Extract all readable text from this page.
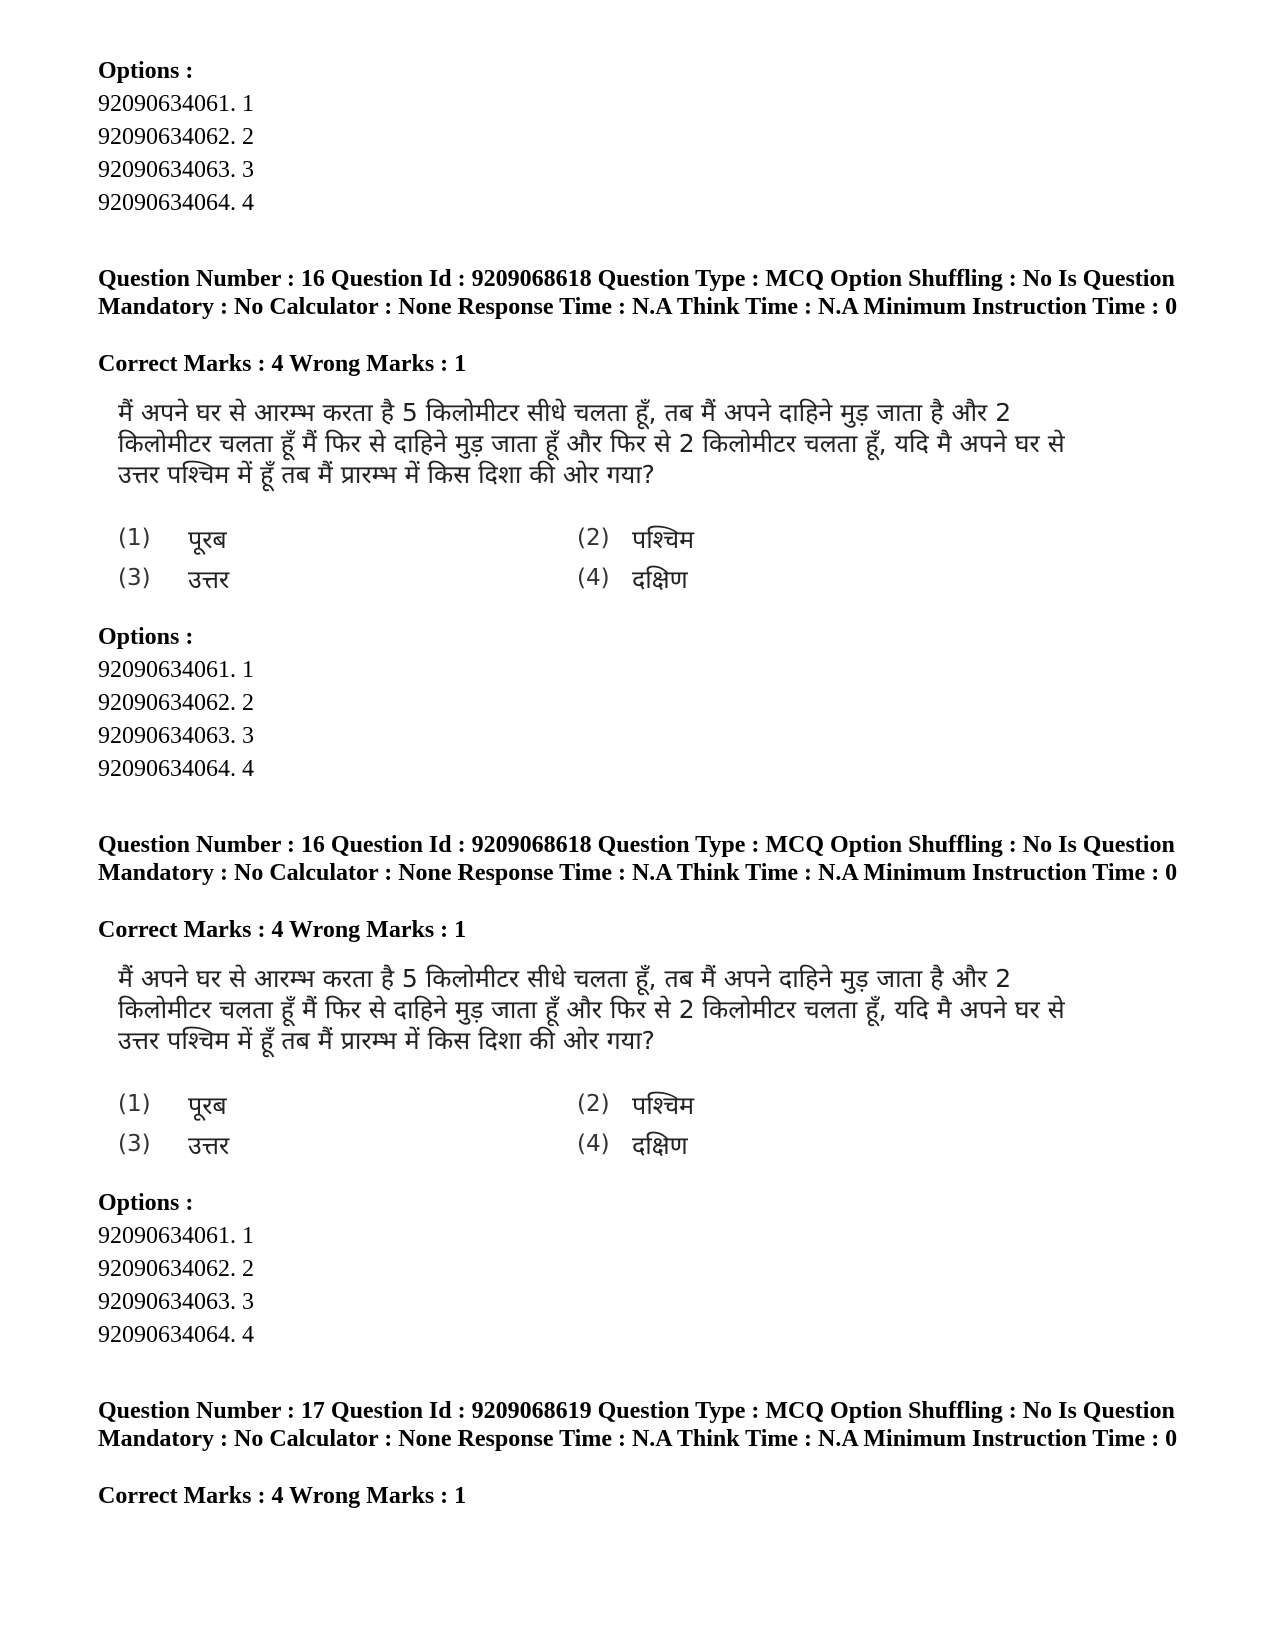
Options :
92090634061. 1
92090634062. 2
92090634063. 3
92090634064. 4
Question Number : 16 Question Id : 9209068618 Question Type : MCQ Option Shuffling : No Is Question Mandatory : No Calculator : None Response Time : N.A Think Time : N.A Minimum Instruction Time : 0
Correct Marks : 4 Wrong Marks : 1
मैं अपने घर से आरम्भ करता है 5 किलोमीटर सीधे चलता हूँ, तब मैं अपने दाहिने मुड़ जाता है और 2 किलोमीटर चलता हूँ मैं फिर से दाहिने मुड़ जाता हूँ और फिर से 2 किलोमीटर चलता हूँ, यदि मै अपने घर से उत्तर पश्चिम में हूँ तब मैं प्रारम्भ में किस दिशा की ओर गया?
(1) पूरब	(2) पश्चिम
(3) उत्तर	(4) दक्षिण
Options :
92090634061. 1
92090634062. 2
92090634063. 3
92090634064. 4
Question Number : 16 Question Id : 9209068618 Question Type : MCQ Option Shuffling : No Is Question Mandatory : No Calculator : None Response Time : N.A Think Time : N.A Minimum Instruction Time : 0
Correct Marks : 4 Wrong Marks : 1
मैं अपने घर से आरम्भ करता है 5 किलोमीटर सीधे चलता हूँ, तब मैं अपने दाहिने मुड़ जाता है और 2 किलोमीटर चलता हूँ मैं फिर से दाहिने मुड़ जाता हूँ और फिर से 2 किलोमीटर चलता हूँ, यदि मै अपने घर से उत्तर पश्चिम में हूँ तब मैं प्रारम्भ में किस दिशा की ओर गया?
(1) पूरब	(2) पश्चिम
(3) उत्तर	(4) दक्षिण
Options :
92090634061. 1
92090634062. 2
92090634063. 3
92090634064. 4
Question Number : 17 Question Id : 9209068619 Question Type : MCQ Option Shuffling : No Is Question Mandatory : No Calculator : None Response Time : N.A Think Time : N.A Minimum Instruction Time : 0
Correct Marks : 4 Wrong Marks : 1
